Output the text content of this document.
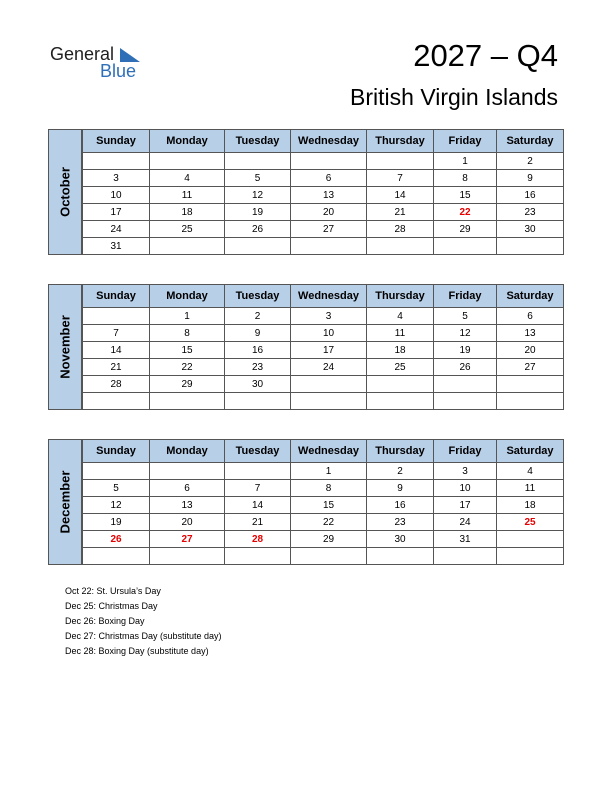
General
Blue	2027 – Q4
British Virgin Islands
October
Sunday	Monday	Tuesday	Wednesday	Thursday	Friday	Saturday
					1	2
3	4	5	6	7	8	9
10	11	12	13	14	15	16
17	18	19	20	21	22	23
24	25	26	27	28	29	30
31						
November
Sunday	Monday	Tuesday	Wednesday	Thursday	Friday	Saturday
	1	2	3	4	5	6
7	8	9	10	11	12	13
14	15	16	17	18	19	20
21	22	23	24	25	26	27
28	29	30				

December
Sunday	Monday	Tuesday	Wednesday	Thursday	Friday	Saturday
			1	2	3	4
5	6	7	8	9	10	11
12	13	14	15	16	17	18
19	20	21	22	23	24	25
26	27	28	29	30	31	

Oct 22: St. Ursula’s Day
Dec 25: Christmas Day
Dec 26: Boxing Day
Dec 27: Christmas Day (substitute day)
Dec 28: Boxing Day (substitute day)
